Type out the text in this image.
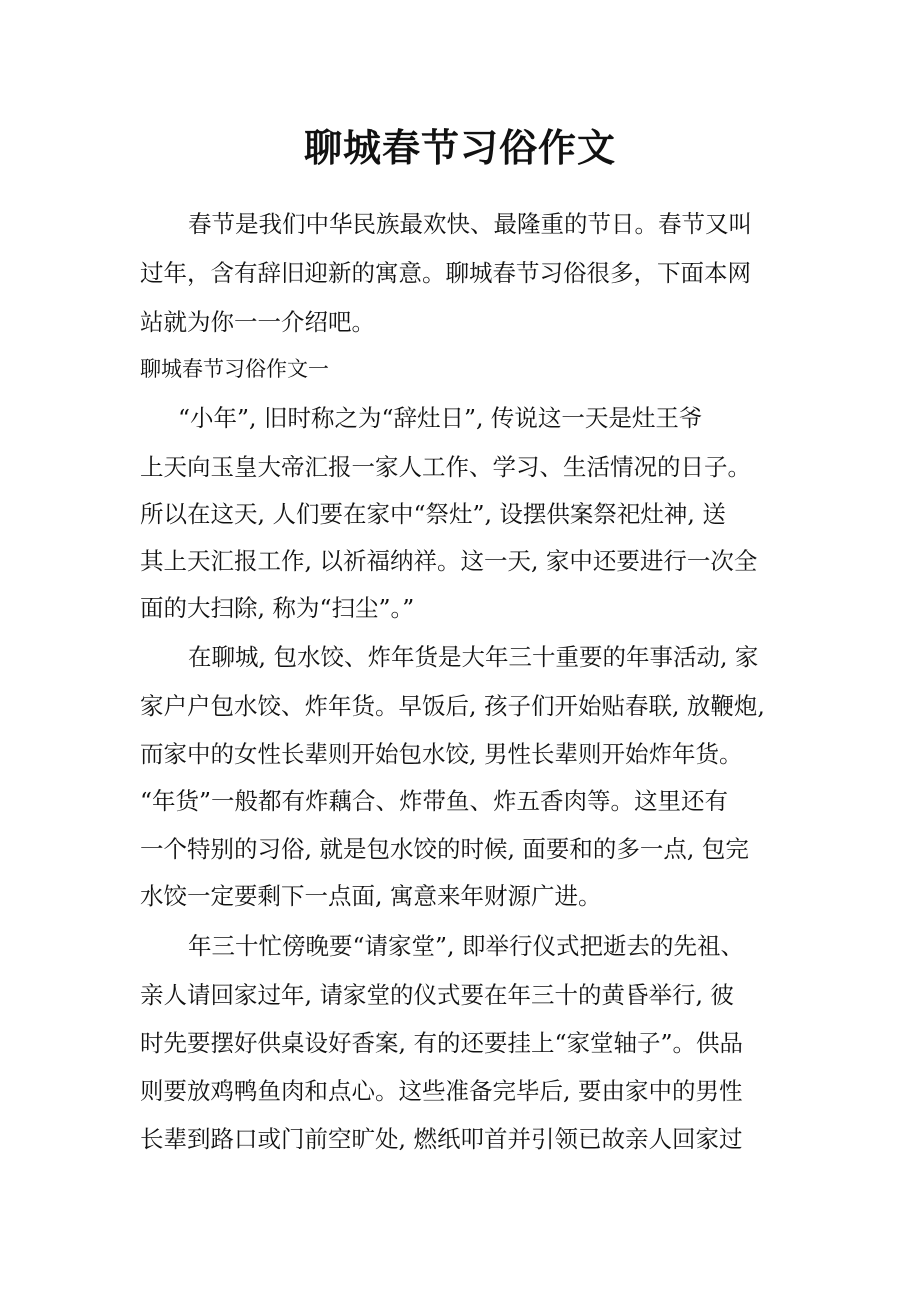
聊城春节习俗作文

春节是我们中华民族最欢快、最隆重的节日。春节又叫

过年，含有辞旧迎新的寓意。聊城春节习俗很多，下面本网

站就为你一一介绍吧。

聊城春节习俗作文一

“小年”, 旧时称之为“辞灶日”, 传说这一天是灶王爷

上天向玉皇大帝汇报一家人工作、学习、生活情况的日子。

所以在这天, 人们要在家中“祭灶”, 设摆供案祭祀灶神, 送

其上天汇报工作, 以祈福纳祥。这一天, 家中还要进行一次全

面的大扫除, 称为“扫尘”。”

在聊城, 包水饺、炸年货是大年三十重要的年事活动, 家

家户户包水饺、炸年货。早饭后, 孩子们开始贴春联, 放鞭炮,

而家中的女性长辈则开始包水饺, 男性长辈则开始炸年货。

“年货”一般都有炸藕合、炸带鱼、炸五香肉等。这里还有

一个特别的习俗, 就是包水饺的时候, 面要和的多一点, 包完

水饺一定要剩下一点面, 寓意来年财源广进。

年三十忙傍晚要“请家堂”, 即举行仪式把逝去的先祖、

亲人请回家过年, 请家堂的仪式要在年三十的黄昏举行, 彼

时先要摆好供桌设好香案, 有的还要挂上“家堂轴子”。供品

则要放鸡鸭鱼肉和点心。这些准备完毕后, 要由家中的男性

长辈到路口或门前空旷处, 燃纸叩首并引领已故亲人回家过
